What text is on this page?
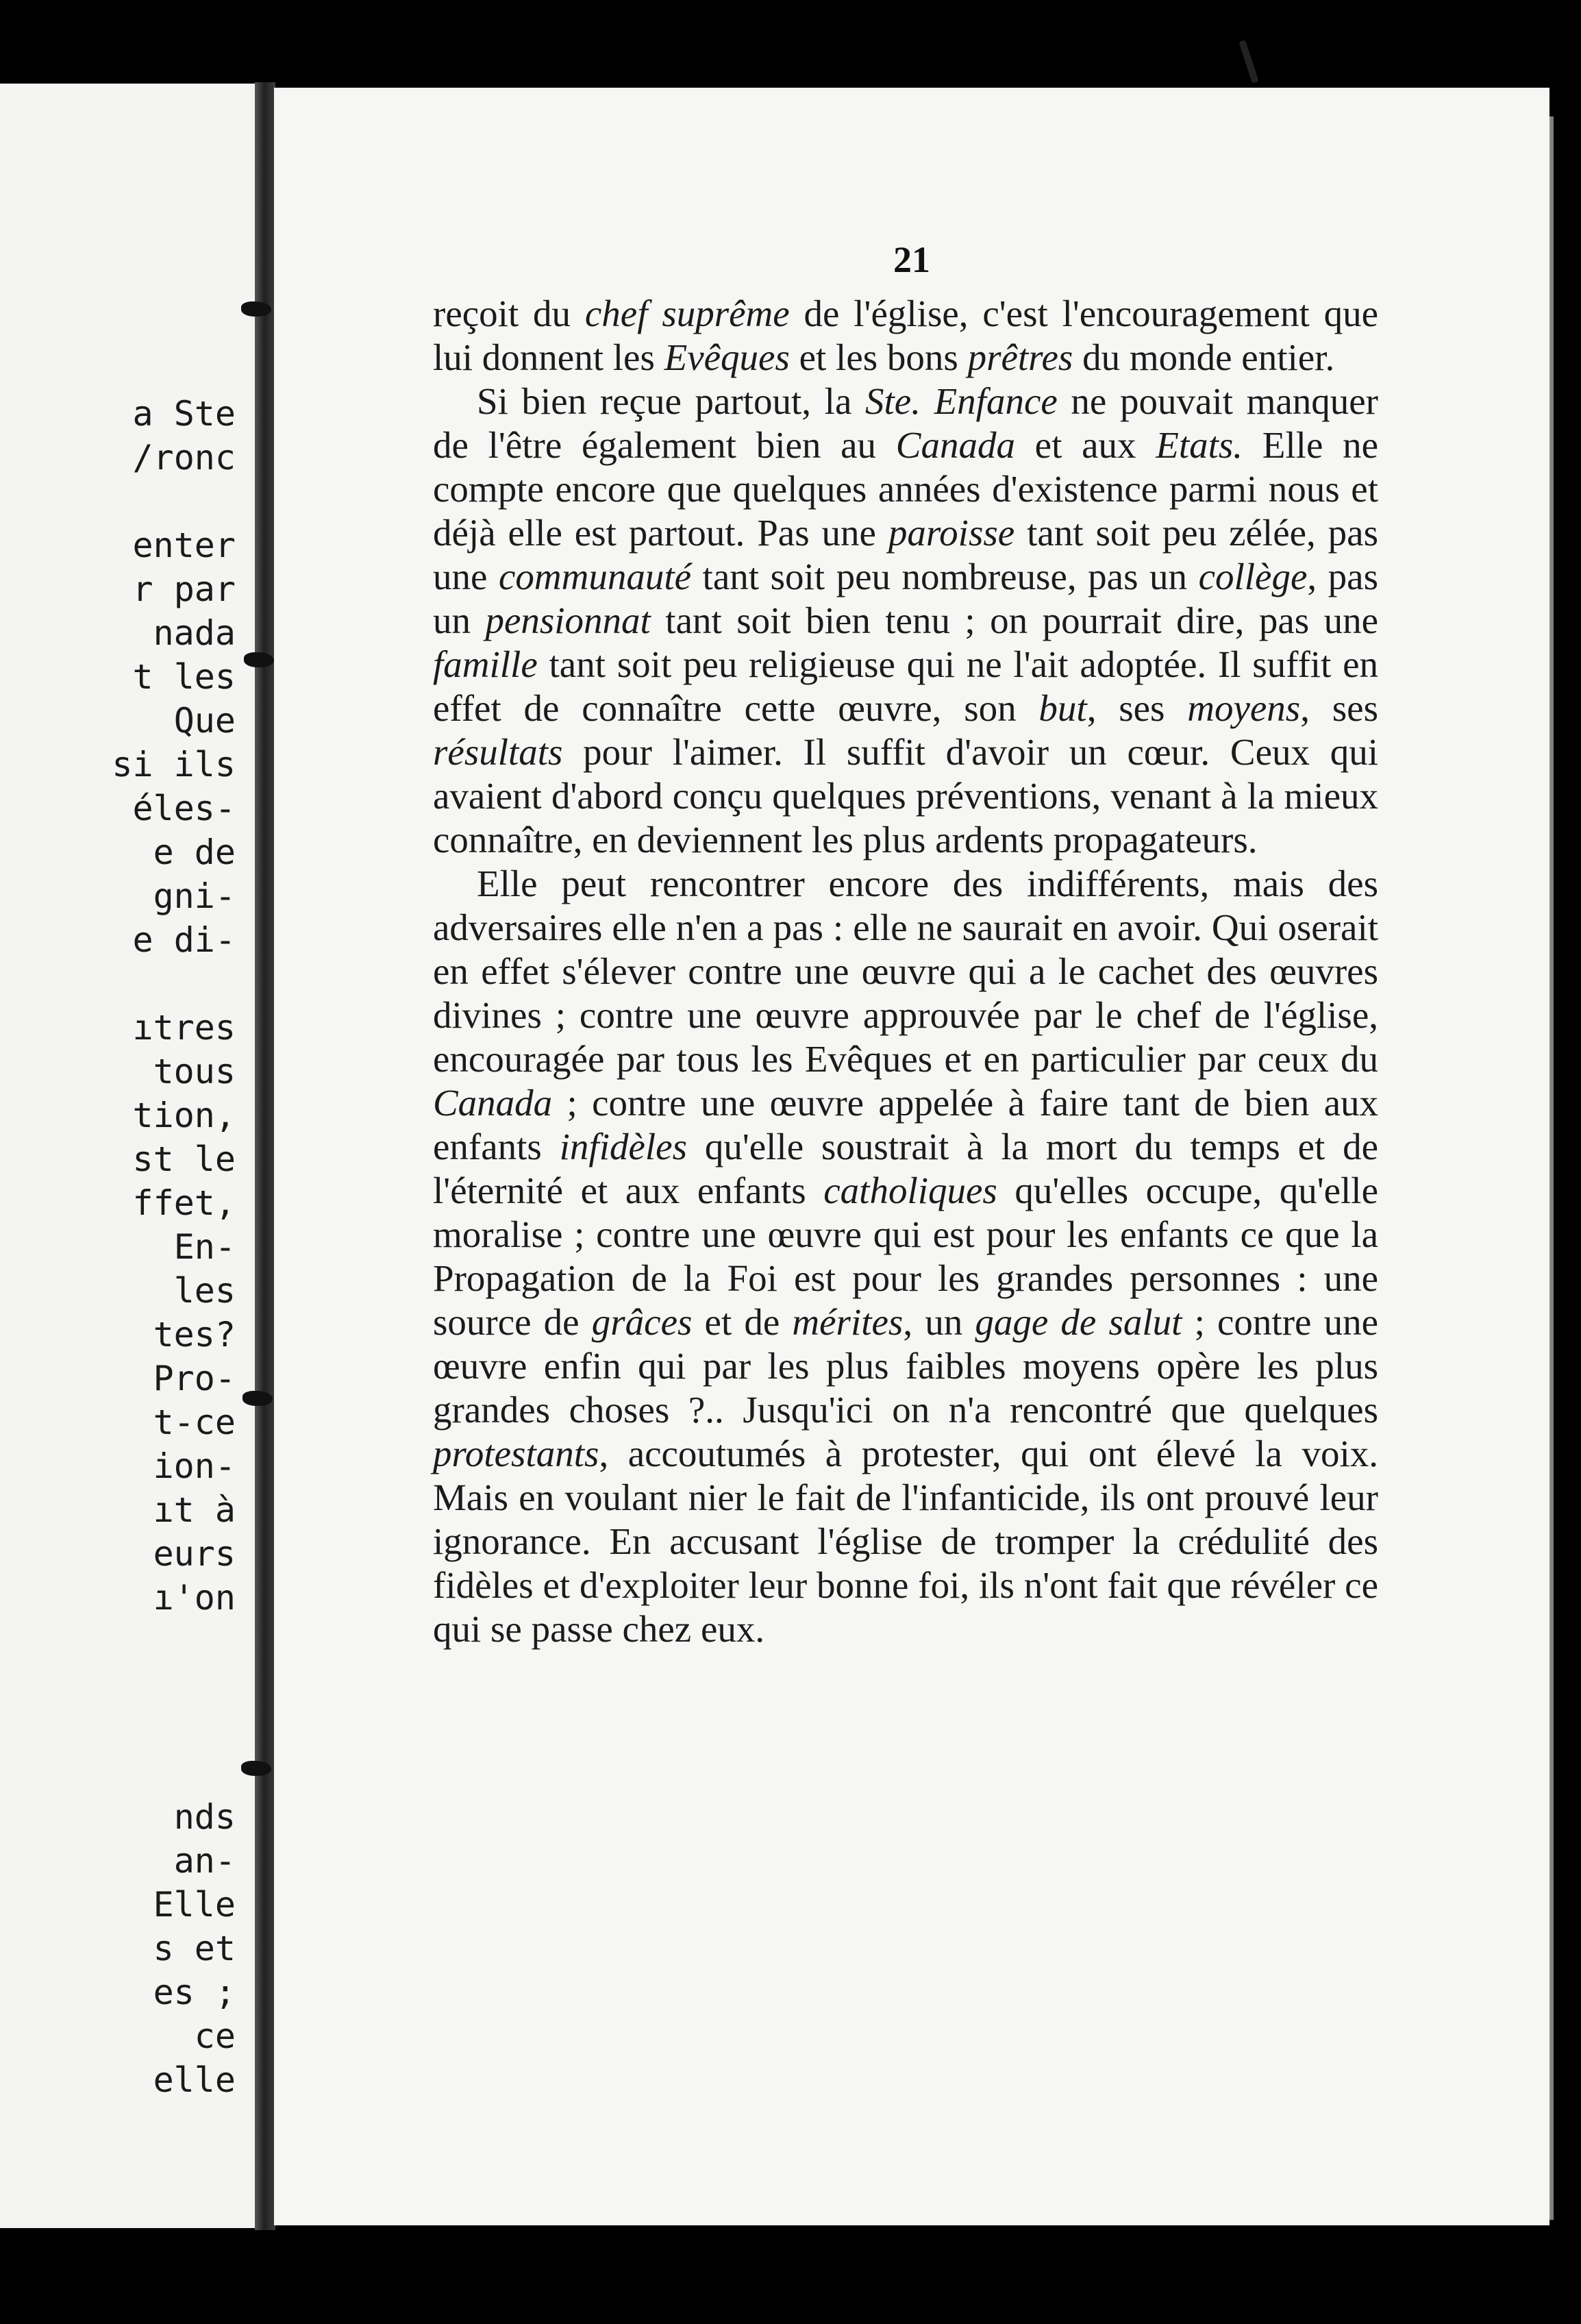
a Ste
/ronc

enter
r par
nada
t les
Que
si ils
éles-
e de
gni-
e di-

ıtres
tous
tion,
st le
ffet,
En-
les
tes?
Pro-
t-ce
ion-
ıt à
eurs
ı'on

nds
an-
Elle
s et
es ;
ce
elle

21

reçoit du chef suprême de l'église, c'est l'encouragement que lui donnent les Evêques et les bons prêtres du monde entier.

Si bien reçue partout, la Ste. Enfance ne pouvait manquer de l'être également bien au Canada et aux Etats. Elle ne compte encore que quelques années d'existence parmi nous et déjà elle est partout. Pas une paroisse tant soit peu zélée, pas une communauté tant soit peu nombreuse, pas un collège, pas un pensionnat tant soit bien tenu ; on pourrait dire, pas une famille tant soit peu religieuse qui ne l'ait adoptée. Il suffit en effet de connaître cette œuvre, son but, ses moyens, ses résultats pour l'aimer. Il suffit d'avoir un cœur. Ceux qui avaient d'abord conçu quelques préventions, venant à la mieux connaître, en deviennent les plus ardents propagateurs.

Elle peut rencontrer encore des indifférents, mais des adversaires elle n'en a pas : elle ne saurait en avoir. Qui oserait en effet s'élever contre une œuvre qui a le cachet des œuvres divines ; contre une œuvre approuvée par le chef de l'église, encouragée par tous les Evêques et en particulier par ceux du Canada ; contre une œuvre appelée à faire tant de bien aux enfants infidèles qu'elle soustrait à la mort du temps et de l'éternité et aux enfants catholiques qu'elles occupe, qu'elle moralise ; contre une œuvre qui est pour les enfants ce que la Propagation de la Foi est pour les grandes personnes : une source de grâces et de mérites, un gage de salut ; contre une œuvre enfin qui par les plus faibles moyens opère les plus grandes choses ?.. Jusqu'ici on n'a rencontré que quelques protestants, accoutumés à protester, qui ont élevé la voix. Mais en voulant nier le fait de l'infanticide, ils ont prouvé leur ignorance. En accusant l'église de tromper la crédulité des fidèles et d'exploiter leur bonne foi, ils n'ont fait que révéler ce qui se passe chez eux.
